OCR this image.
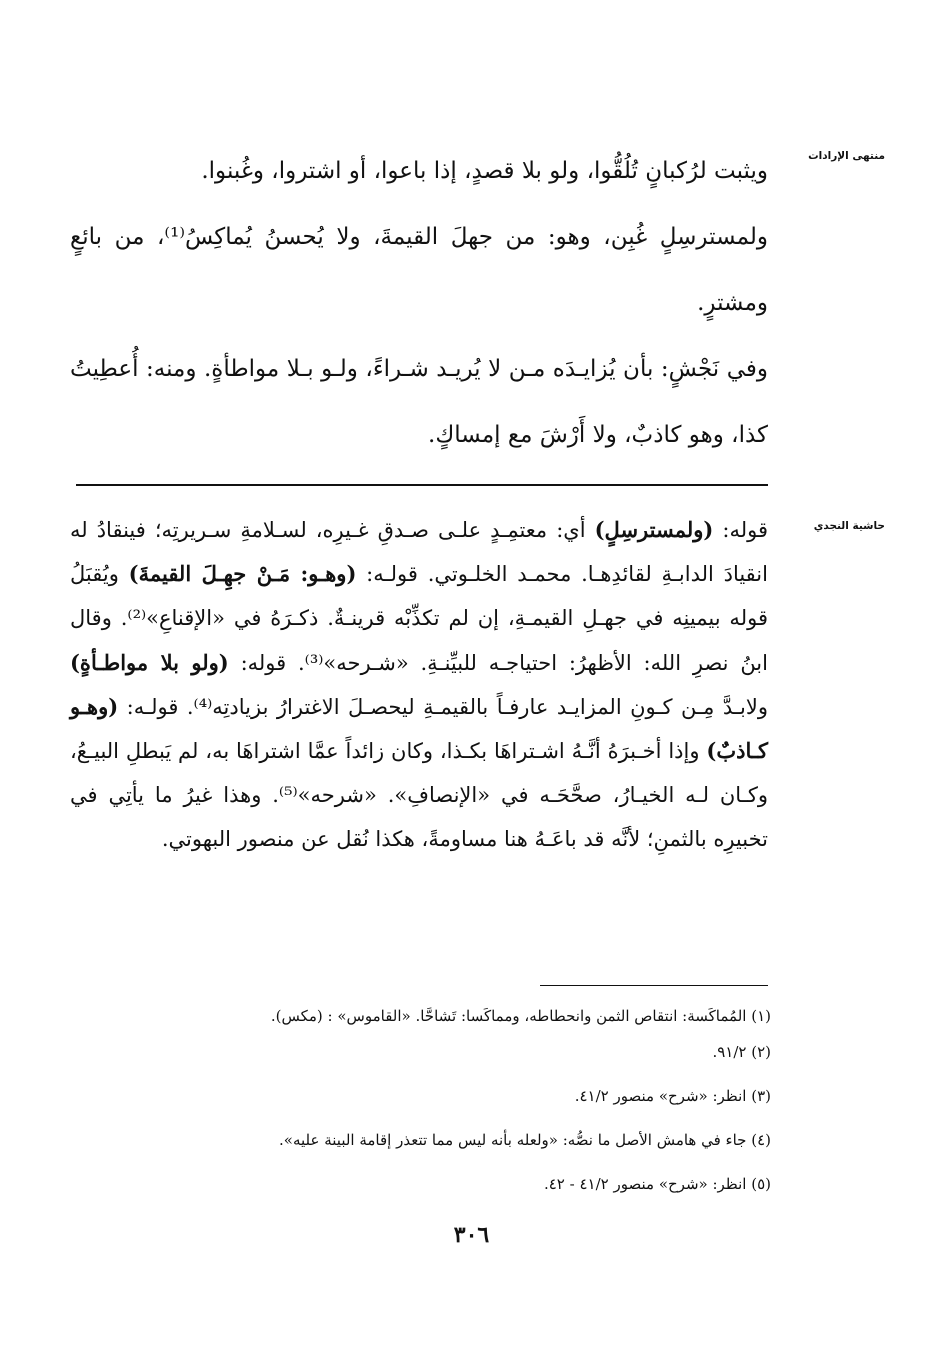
منتهى الإرادات

ويثبت لرُكبانٍ تُلُقُّوا، ولو بلا قصدٍ، إذا باعوا، أو اشتروا، وغُبنوا.

ولمسترسِلٍ غُبِن، وهو: من جهلَ القيمةَ، ولا يُحسنُ يُماكِسُ⁽¹⁾، من بائعٍ ومشترٍ.

وفي نَجْشٍ: بأن يُزايـدَه مـن لا يُريـد شـراءً، ولـو بـلا مواطأةٍ. ومنه: أُعطِيتُ كذا، وهو كاذبٌ، ولا أَرْشَ مع إمساكٍ.

حاشية النجدي

قوله: (ولمسترسِلٍ) أي: معتمِـدٍ علـى صـدقِ غـيرِه، لسـلامةِ سـريرتِه؛ فينقادُ له انقيادَ الدابـةِ لقائدِهـا. محمـد الخلـوتي. قولـه: (وهـو: مَـنْ جهِـلَ القيمةَ) ويُقبَلُ قوله بيمينِه في جهـلِ القيمـةِ، إن لم تكذِّبْه قرينـةٌ. ذكـرَهُ في «الإقناعِ»⁽²⁾. وقال ابنُ نصرِ الله: الأظهرُ: احتياجـه للبيِّنـةِ. «شـرحه»⁽³⁾. قوله: (ولو بلا مواطـأةٍ) ولابـدَّ مِـن كـونِ المزايـد عارفـاً بالقيمـةِ ليحصـلَ الاغترارُ بزيادتِه⁽⁴⁾. قولـه: (وهـو كـاذبٌ) وإذا أخـبرَهُ أنَّـهُ اشـتراهَا بكـذا، وكان زائداً عمَّا اشتراهَا به، لم يَبطلِ البيـعُ، وكـان لـه الخيـارُ، صحَّحَـه في «الإنصافِ». «شرحه»⁽⁵⁾. وهذا غيرُ ما يأتِي في تخبيرِه بالثمنِ؛ لأنَّه قد باعَـهُ هنا مساومةً، هكذا نُقل عن منصور البهوتي.

(١) المُماكَسة: انتقاص الثمن وانحطاطه، ومماكَسا: تَشاحَّا. «القاموس» : (مكس).
(٢) ٩١/٢.
(٣) انظر: «شرح» منصور ٤١/٢.
(٤) جاء في هامش الأصل ما نصُّه: «ولعله بأنه ليس مما تتعذر إقامة البينة عليه».
(٥) انظر: «شرح» منصور ٤١/٢ - ٤٢.
٣٠٦
